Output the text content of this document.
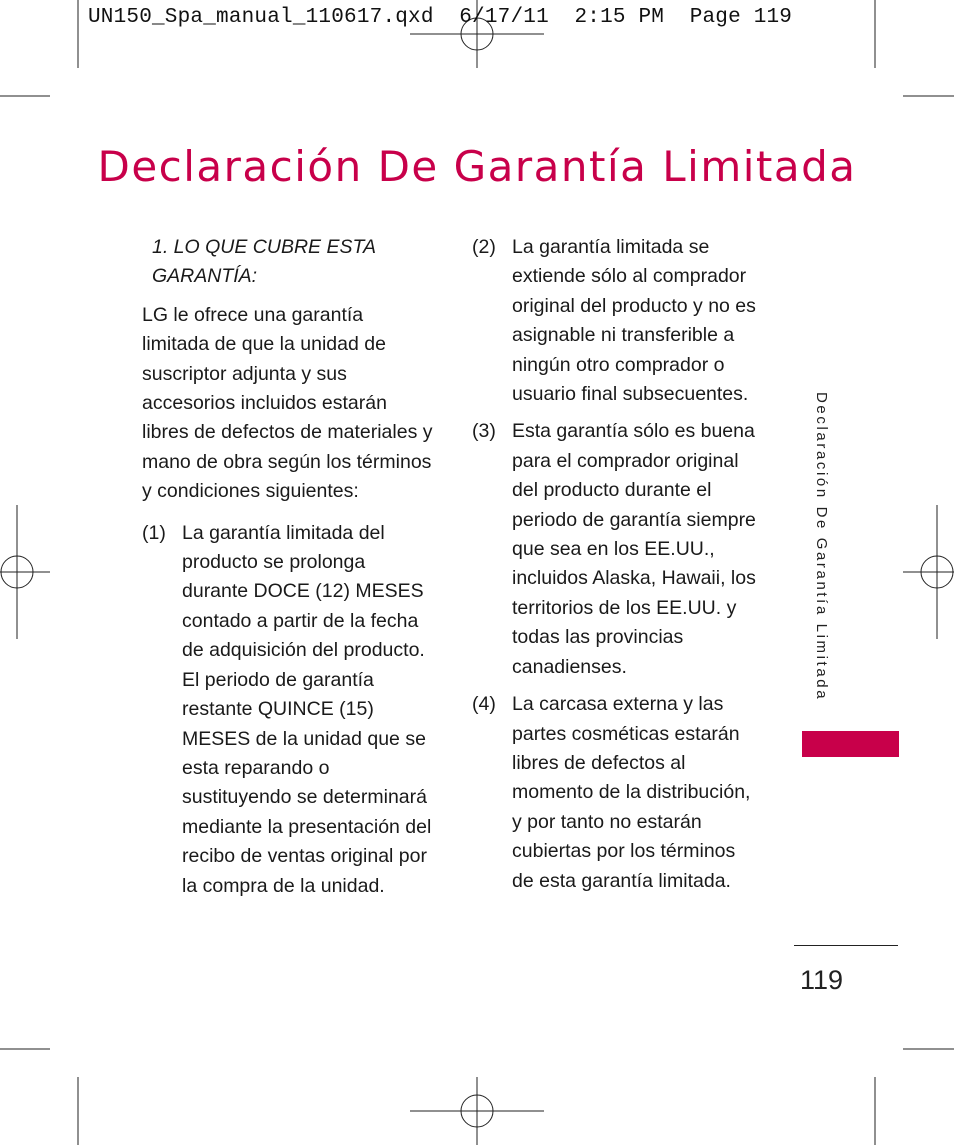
UN150_Spa_manual_110617.qxd  6/17/11  2:15 PM  Page 119
Declaración De Garantía Limitada

1. LO QUE CUBRE ESTA GARANTÍA:

LG le ofrece una garantía limitada de que la unidad de suscriptor adjunta y sus accesorios incluidos estarán libres de defectos de materiales y mano de obra según los términos y condiciones siguientes:

(1) La garantía limitada del producto se prolonga durante DOCE (12) MESES contado a partir de la fecha de adquisición del producto. El periodo de garantía restante QUINCE (15) MESES de la unidad que se esta reparando o sustituyendo se determinará mediante la presentación del recibo de ventas original por la compra de la unidad.
(2) La garantía limitada se extiende sólo al comprador original del producto y no es asignable ni transferible a ningún otro comprador o usuario final subsecuentes.
(3) Esta garantía sólo es buena para el comprador original del producto durante el periodo de garantía siempre que sea en los EE.UU., incluidos Alaska, Hawaii, los territorios de los EE.UU. y todas las provincias canadienses.
(4) La carcasa externa y las partes cosméticas estarán libres de defectos al momento de la distribución, y por tanto no estarán cubiertas por los términos de esta garantía limitada.
Declaración De Garantía Limitada
119
